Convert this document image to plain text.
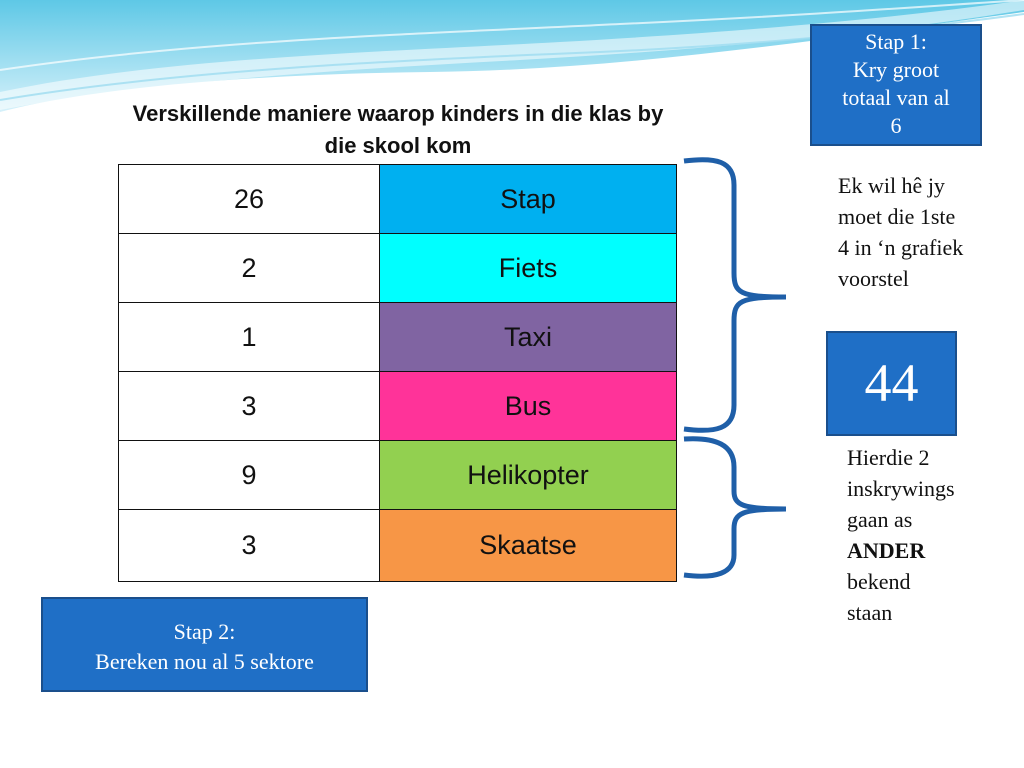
Verskillende maniere waarop kinders in die klas by die skool kom
26	Stap
2	Fiets
1	Taxi
3	Bus
9	Helikopter
3	Skaatse
Stap 1:
Kry groot
totaal van al
6
Ek wil hê jy
moet die 1ste
4 in ‘n grafiek
voorstel
44
Hierdie 2
inskrywings
gaan as
ANDER
bekend
staan
Stap 2:
Bereken nou al 5 sektore
